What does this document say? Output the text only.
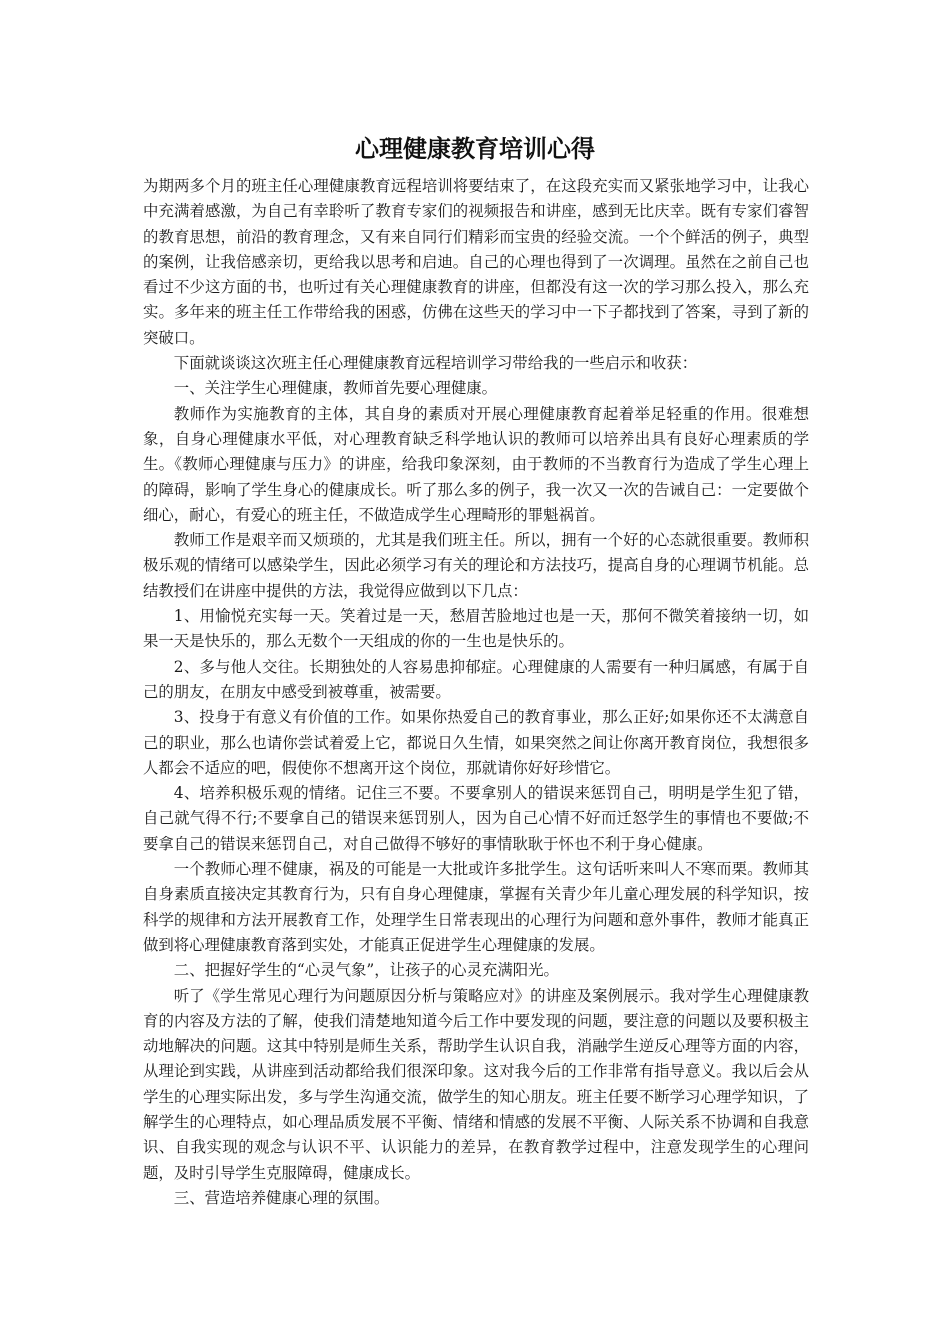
心理健康教育培训心得

为期两多个月的班主任心理健康教育远程培训将要结束了，在这段充实而又紧张地学习中，让我心中充满着感激，为自己有幸聆听了教育专家们的视频报告和讲座，感到无比庆幸。既有专家们睿智的教育思想，前沿的教育理念，又有来自同行们精彩而宝贵的经验交流。一个个鲜活的例子，典型的案例，让我倍感亲切，更给我以思考和启迪。自己的心理也得到了一次调理。虽然在之前自己也看过不少这方面的书，也听过有关心理健康教育的讲座，但都没有这一次的学习那么投入，那么充实。多年来的班主任工作带给我的困惑，仿佛在这些天的学习中一下子都找到了答案，寻到了新的突破口。

下面就谈谈这次班主任心理健康教育远程培训学习带给我的一些启示和收获：

一、关注学生心理健康，教师首先要心理健康。

教师作为实施教育的主体，其自身的素质对开展心理健康教育起着举足轻重的作用。很难想象，自身心理健康水平低，对心理教育缺乏科学地认识的教师可以培养出具有良好心理素质的学生。《教师心理健康与压力》的讲座，给我印象深刻，由于教师的不当教育行为造成了学生心理上的障碍，影响了学生身心的健康成长。听了那么多的例子，我一次又一次的告诫自己：一定要做个细心，耐心，有爱心的班主任，不做造成学生心理畸形的罪魁祸首。

教师工作是艰辛而又烦琐的，尤其是我们班主任。所以，拥有一个好的心态就很重要。教师积极乐观的情绪可以感染学生，因此必须学习有关的理论和方法技巧，提高自身的心理调节机能。总结教授们在讲座中提供的方法，我觉得应做到以下几点：

1、用愉悦充实每一天。笑着过是一天，愁眉苦脸地过也是一天，那何不微笑着接纳一切，如果一天是快乐的，那么无数个一天组成的你的一生也是快乐的。

2、多与他人交往。长期独处的人容易患抑郁症。心理健康的人需要有一种归属感，有属于自己的朋友，在朋友中感受到被尊重，被需要。

3、投身于有意义有价值的工作。如果你热爱自己的教育事业，那么正好;如果你还不太满意自己的职业，那么也请你尝试着爱上它，都说日久生情，如果突然之间让你离开教育岗位，我想很多人都会不适应的吧，假使你不想离开这个岗位，那就请你好好珍惜它。

4、培养积极乐观的情绪。记住三不要。不要拿别人的错误来惩罚自己，明明是学生犯了错，自己就气得不行;不要拿自己的错误来惩罚别人，因为自己心情不好而迁怒学生的事情也不要做;不要拿自己的错误来惩罚自己，对自己做得不够好的事情耿耿于怀也不利于身心健康。

一个教师心理不健康，祸及的可能是一大批或许多批学生。这句话听来叫人不寒而栗。教师其自身素质直接决定其教育行为，只有自身心理健康，掌握有关青少年儿童心理发展的科学知识，按科学的规律和方法开展教育工作，处理学生日常表现出的心理行为问题和意外事件，教师才能真正做到将心理健康教育落到实处，才能真正促进学生心理健康的发展。

二、把握好学生的“心灵气象”，让孩子的心灵充满阳光。

听了《学生常见心理行为问题原因分析与策略应对》的讲座及案例展示。我对学生心理健康教育的内容及方法的了解，使我们清楚地知道今后工作中要发现的问题，要注意的问题以及要积极主动地解决的问题。这其中特别是师生关系，帮助学生认识自我，消融学生逆反心理等方面的内容，从理论到实践，从讲座到活动都给我们很深印象。这对我今后的工作非常有指导意义。我以后会从学生的心理实际出发，多与学生沟通交流，做学生的知心朋友。班主任要不断学习心理学知识，了解学生的心理特点，如心理品质发展不平衡、情绪和情感的发展不平衡、人际关系不协调和自我意识、自我实现的观念与认识不平、认识能力的差异，在教育教学过程中，注意发现学生的心理问题，及时引导学生克服障碍，健康成长。

三、营造培养健康心理的氛围。
